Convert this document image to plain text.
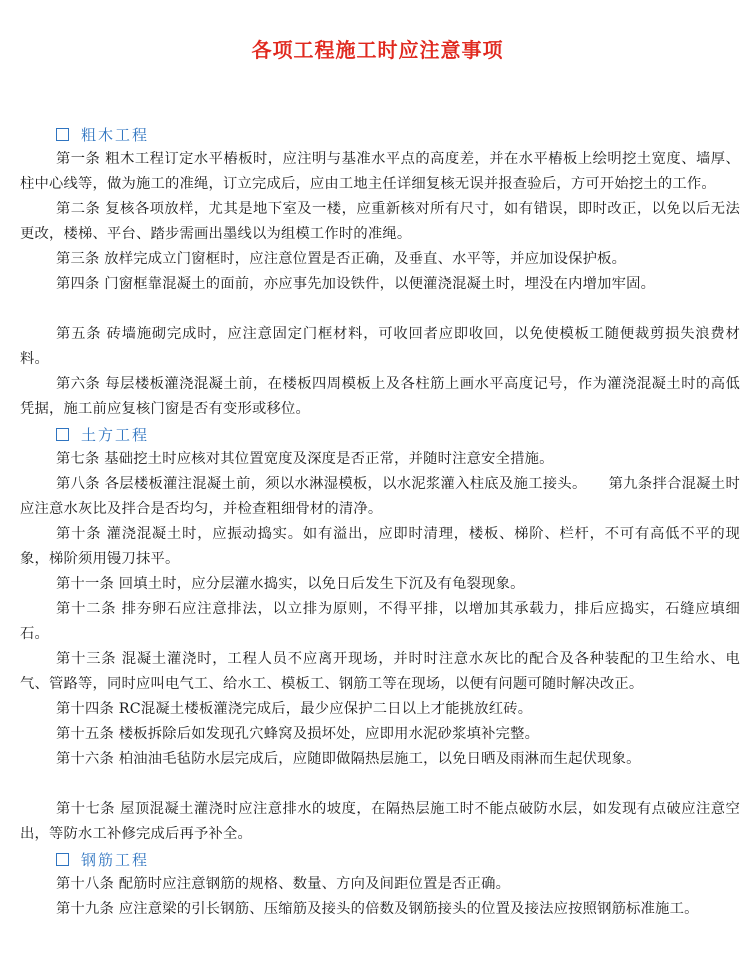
各项工程施工时应注意事项
粗木工程
第一条 粗木工程订定水平樁板时，应注明与基准水平点的高度差，并在水平樁板上绘明挖土宽度、墙厚、柱中心线等，做为施工的准绳，订立完成后，应由工地主任详细复核无误并报查验后，方可开始挖土的工作。
第二条 复核各项放样，尤其是地下室及一楼，应重新核对所有尺寸，如有错误，即时改正，以免以后无法更改，楼梯、平台、踏步需画出墨线以为组模工作时的准绳。
第三条 放样完成立门窗框时，应注意位置是否正确，及垂直、水平等，并应加设保护板。
第四条 门窗框靠混凝土的面前，亦应事先加设铁件，以便灌浇混凝土时，埋没在内增加牢固。
第五条 砖墙施砌完成时，应注意固定门框材料，可收回者应即收回，以免使模板工随便裁剪损失浪费材料。
第六条 每层楼板灌浇混凝土前，在楼板四周模板上及各柱筋上画水平高度记号，作为灌浇混凝土时的高低凭据，施工前应复核门窗是否有变形或移位。
土方工程
第七条 基础挖土时应核对其位置宽度及深度是否正常，并随时注意安全措施。
第八条 各层楼板灌注混凝土前，须以水淋湿模板，以水泥浆灌入柱底及施工接头。　　第九条拌合混凝土时应注意水灰比及拌合是否均匀，并检查粗细骨材的清净。
第十条 灌浇混凝土时，应振动捣实。如有溢出，应即时清理，楼板、梯阶、栏杆，不可有高低不平的现象，梯阶须用镘刀抹平。
第十一条 回填土时，应分层灌水捣实，以免日后发生下沉及有龟裂现象。
第十二条 排夯卵石应注意排法，以立排为原则，不得平排，以增加其承载力，排后应捣实，石缝应填细石。
第十三条 混凝土灌浇时，工程人员不应离开现场，并时时注意水灰比的配合及各种装配的卫生给水、电气、管路等，同时应叫电气工、给水工、模板工、钢筋工等在现场，以便有问题可随时解决改正。
第十四条 RC混凝土楼板灌浇完成后，最少应保护二日以上才能挑放红砖。
第十五条 楼板拆除后如发现孔穴蜂窝及损坏处，应即用水泥砂浆填补完整。
第十六条 柏油油毛毡防水层完成后，应随即做隔热层施工，以免日晒及雨淋而生起伏现象。
第十七条 屋顶混凝土灌浇时应注意排水的坡度，在隔热层施工时不能点破防水层，如发现有点破应注意空出，等防水工补修完成后再予补全。
钢筋工程
第十八条 配筋时应注意钢筋的规格、数量、方向及间距位置是否正确。
第十九条 应注意梁的引长钢筋、压缩筋及接头的倍数及钢筋接头的位置及接法应按照钢筋标准施工。
